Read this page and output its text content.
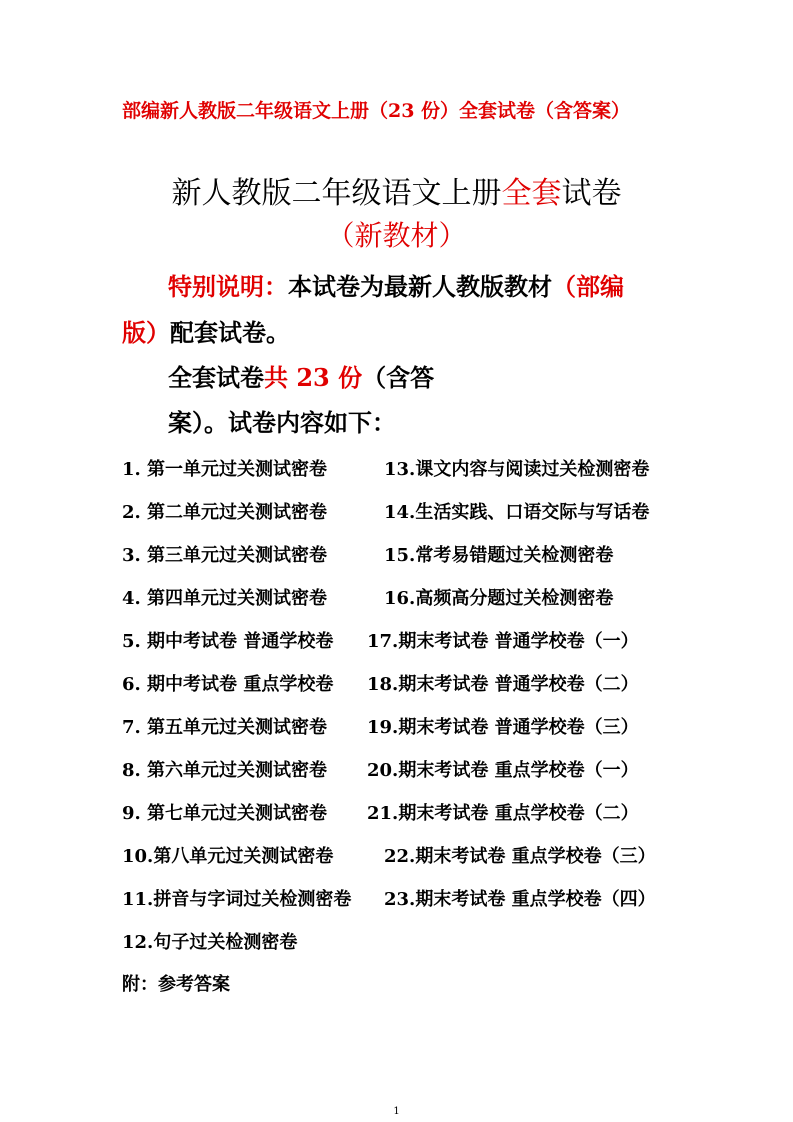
部编新人教版二年级语文上册（23 份）全套试卷（含答案）
新人教版二年级语文上册全套试卷
（新教材）
特别说明：本试卷为最新人教版教材（部编
版）配套试卷。
全套试卷共 23 份（含答
案）。试卷内容如下：
1. 第一单元过关测试密卷	13.课文内容与阅读过关检测密卷
2. 第二单元过关测试密卷	14.生活实践、口语交际与写话卷
3. 第三单元过关测试密卷	15.常考易错题过关检测密卷
4. 第四单元过关测试密卷	16.高频高分题过关检测密卷
5. 期中考试卷 普通学校卷 17.期末考试卷 普通学校卷（一）
6. 期中考试卷 重点学校卷 18.期末考试卷 普通学校卷（二）
7. 第五单元过关测试密卷 19.期末考试卷 普通学校卷（三）
8. 第六单元过关测试密卷 20.期末考试卷 重点学校卷（一）
9. 第七单元过关测试密卷 21.期末考试卷 重点学校卷（二）
10.第八单元过关测试密卷	22.期末考试卷 重点学校卷（三）
11.拼音与字词过关检测密卷 23.期末考试卷 重点学校卷（四）
12.句子过关检测密卷
附：参考答案
1
